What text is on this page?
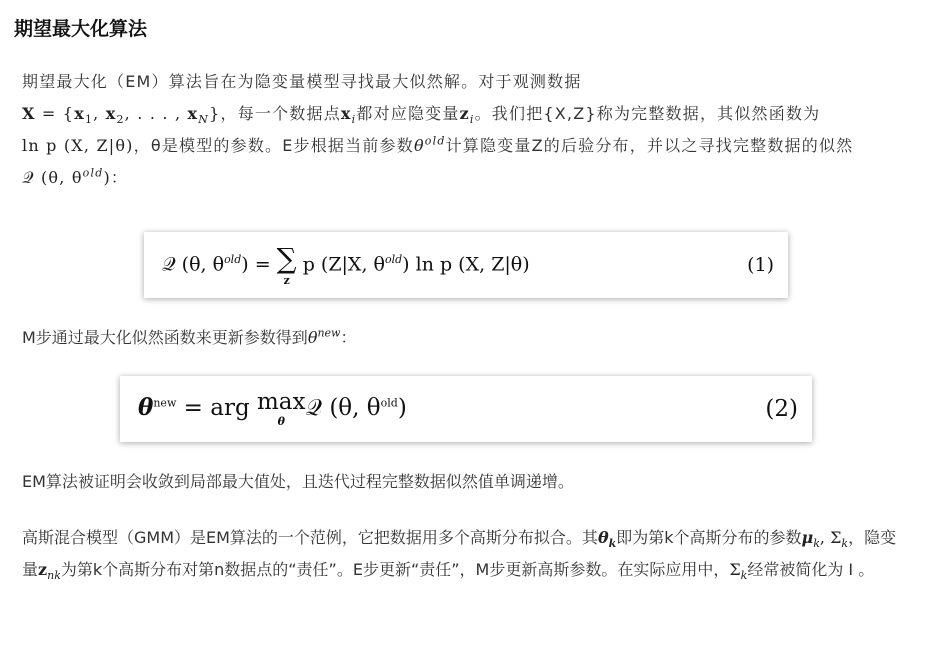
期望最大化算法

期望最大化（EM）算法旨在为隐变量模型寻找最大似然解。对于观测数据
$X = \{x_1$, $x_2$, . . . , $x_N$}，每一个数据点$x_i$都对应隐变量$z_i$。我们把{X,Z}称为完整数据，其似然函数为ln p (X, Z|θ)，θ是模型的参数。E步根据当前参数$\theta^{old}$计算隐变量Z的后验分布，并以之寻找完整数据的似然𝒬 (θ, $\theta^{old}$)：

𝒬 (θ, $\theta^{old}$) = ∑
z
p (Z|X, $\theta^{old}$) ln p (X, Z|θ)	(1)

M步通过最大化似然函数来更新参数得到$\theta^{new}$：

$\theta^{new}$ = arg max
θ
𝒬 (θ, $\theta^{old}$)	(2)

EM算法被证明会收敛到局部最大值处，且迭代过程完整数据似然值单调递增。

高斯混合模型（GMM）是EM算法的一个范例，它把数据用多个高斯分布拟合。其$\theta_k$即为第k个高斯分布的参数$\mu_k$, $\Sigma_k$，隐变量$z_{nk}$为第k个高斯分布对第n数据点的“责任”。E步更新“责任”，M步更新高斯参数。在实际应用中，$\Sigma_k$经常被简化为 I 。
